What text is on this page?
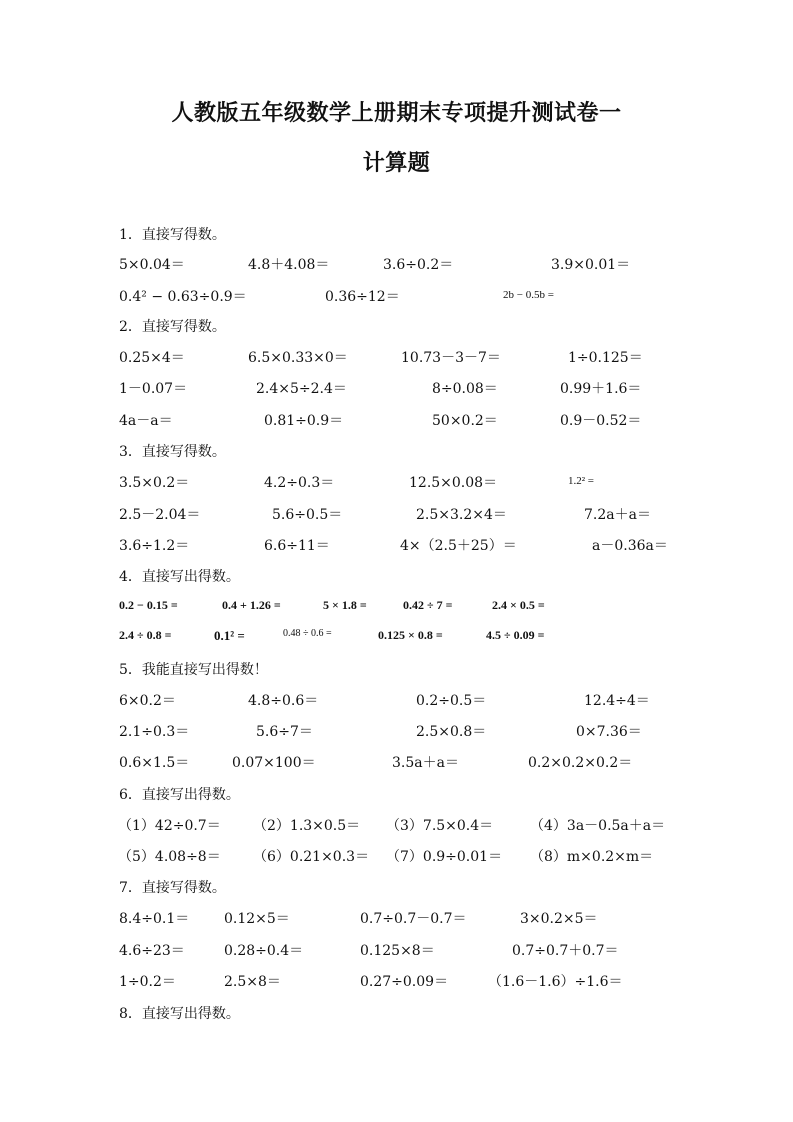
人教版五年级数学上册期末专项提升测试卷一
计算题
1．直接写得数。
5×0.04＝	4.8＋4.08＝	3.6÷0.2＝	3.9×0.01＝
0.4² − 0.63÷0.9＝	0.36÷12＝	2b − 0.5b =
2．直接写得数。
0.25×4＝	6.5×0.33×0＝	10.73－3－7＝	1÷0.125＝
1－0.07＝	2.4×5÷2.4＝	8÷0.08＝	0.99＋1.6＝
4a－a＝	0.81÷0.9＝	50×0.2＝	0.9－0.52＝
3．直接写得数。
3.5×0.2＝	4.2÷0.3＝	12.5×0.08＝	1.2² =
2.5－2.04＝	5.6÷0.5＝	2.5×3.2×4＝	7.2a＋a＝
3.6÷1.2＝	6.6÷11＝	4×（2.5＋25）＝	a－0.36a＝
4．直接写出得数。
0.2 − 0.15 =	0.4 + 1.26 =	5 × 1.8 =	0.42 ÷ 7 =	2.4 × 0.5 =
2.4 ÷ 0.8 =	0.1² =	0.48 ÷ 0.6 =	0.125 × 0.8 =	4.5 ÷ 0.09 =
5．我能直接写出得数！
6×0.2＝	4.8÷0.6＝	0.2÷0.5＝	12.4÷4＝
2.1÷0.3＝	5.6÷7＝	2.5×0.8＝	0×7.36＝
0.6×1.5＝	0.07×100＝	3.5a＋a＝	0.2×0.2×0.2＝
6．直接写出得数。
（1）42÷0.7＝ （2）1.3×0.5＝ （3）7.5×0.4＝	（4）3a－0.5a＋a＝
（5）4.08÷8＝ （6）0.21×0.3＝ （7）0.9÷0.01＝ （8）m×0.2×m＝
7．直接写得数。
8.4÷0.1＝ 0.12×5＝	0.7÷0.7－0.7＝	3×0.2×5＝
4.6÷23＝	0.28÷0.4＝	0.125×8＝	0.7÷0.7＋0.7＝
1÷0.2＝	2.5×8＝	0.27÷0.09＝	（1.6－1.6）÷1.6＝
8．直接写出得数。
